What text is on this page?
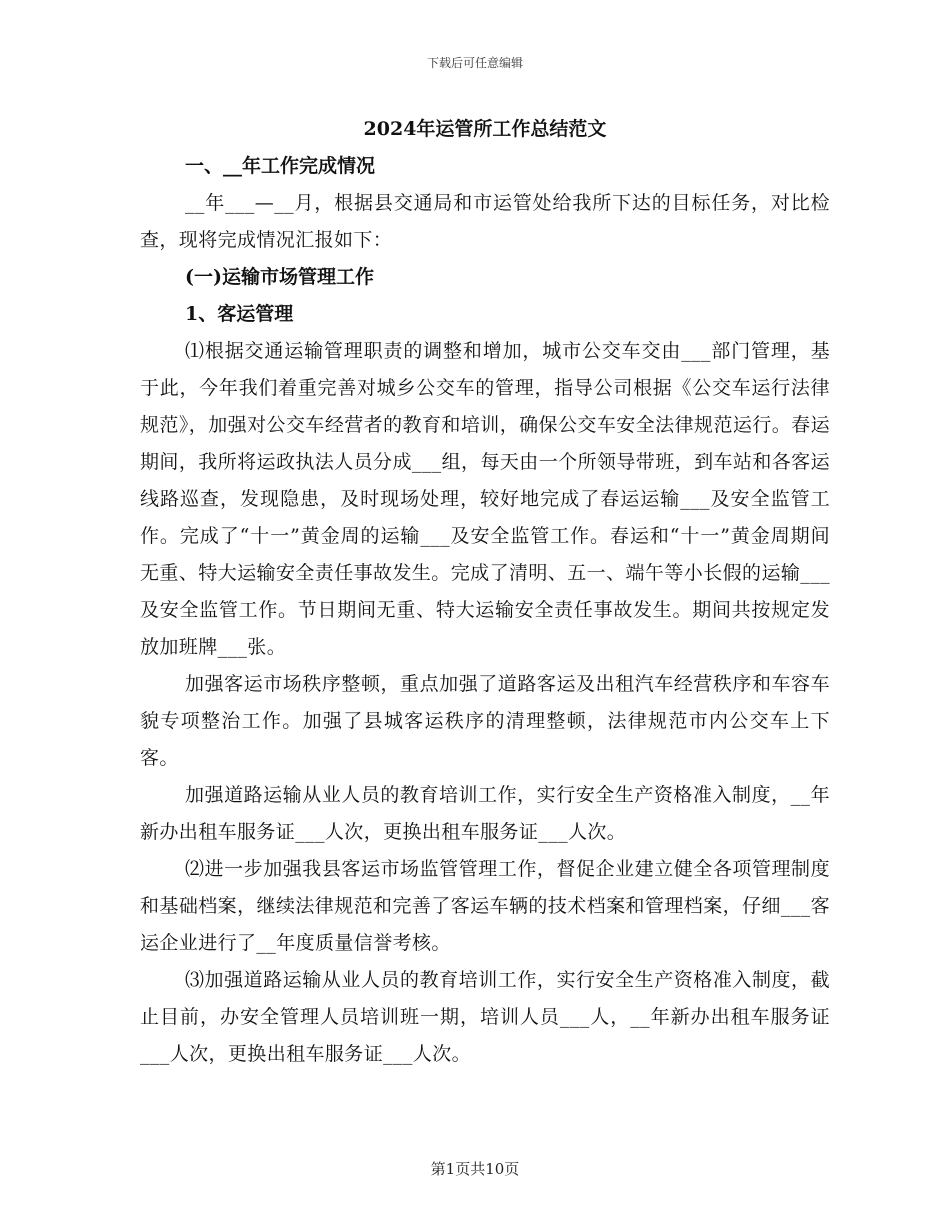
下载后可任意编辑

2024年运管所工作总结范文

一、__年工作完成情况

__年___—__月，根据县交通局和市运管处给我所下达的目标任务，对比检查，现将完成情况汇报如下：

(一)运输市场管理工作

1、客运管理

⑴根据交通运输管理职责的调整和增加，城市公交车交由___部门管理，基于此，今年我们着重完善对城乡公交车的管理，指导公司根据《公交车运行法律规范》，加强对公交车经营者的教育和培训，确保公交车安全法律规范运行。春运期间，我所将运政执法人员分成___组，每天由一个所领导带班，到车站和各客运线路巡查，发现隐患，及时现场处理，较好地完成了春运运输___及安全监管工作。完成了“十一”黄金周的运输___及安全监管工作。春运和“十一”黄金周期间无重、特大运输安全责任事故发生。完成了清明、五一、端午等小长假的运输___及安全监管工作。节日期间无重、特大运输安全责任事故发生。期间共按规定发放加班牌___张。

加强客运市场秩序整顿，重点加强了道路客运及出租汽车经营秩序和车容车貌专项整治工作。加强了县城客运秩序的清理整顿，法律规范市内公交车上下客。

加强道路运输从业人员的教育培训工作，实行安全生产资格准入制度，__年新办出租车服务证___人次，更换出租车服务证___人次。

⑵进一步加强我县客运市场监管管理工作，督促企业建立健全各项管理制度和基础档案，继续法律规范和完善了客运车辆的技术档案和管理档案，仔细___客运企业进行了__年度质量信誉考核。

⑶加强道路运输从业人员的教育培训工作，实行安全生产资格准入制度，截止目前，办安全管理人员培训班一期，培训人员___人，__年新办出租车服务证___人次，更换出租车服务证___人次。

第1页共10页
